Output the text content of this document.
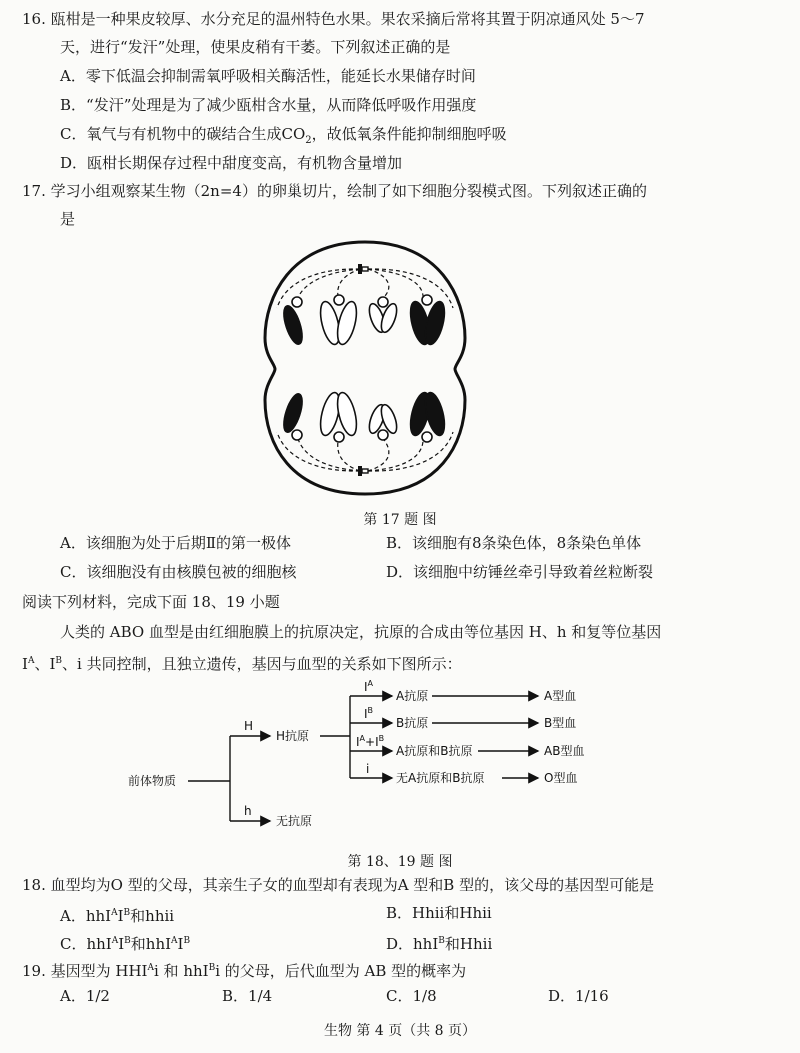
16. 瓯柑是一种果皮较厚、水分充足的温州特色水果。果农采摘后常将其置于阴凉通风处 5～7
天，进行“发汗”处理，使果皮稍有干萎。下列叙述正确的是
A．零下低温会抑制需氧呼吸相关酶活性，能延长水果储存时间
B．“发汗”处理是为了减少瓯柑含水量，从而降低呼吸作用强度
C．氧气与有机物中的碳结合生成$CO_2$，故低氧条件能抑制细胞呼吸
D．瓯柑长期保存过程中甜度变高，有机物含量增加
17. 学习小组观察某生物（2n=4）的卵巢切片，绘制了如下细胞分裂模式图。下列叙述正确的
是
第 17 题 图
A．该细胞为处于后期Ⅱ的第一极体	B．该细胞有8条染色体，8条染色单体
C．该细胞没有由核膜包被的细胞核	D．该细胞中纺锤丝牵引导致着丝粒断裂
阅读下列材料，完成下面 18、19 小题
人类的 ABO 血型是由红细胞膜上的抗原决定，抗原的合成由等位基因 H、h 和复等位基因
$I^A$、$I^B$、i 共同控制，且独立遗传，基因与血型的关系如下图所示：
前体物质
H
h
H抗原
无抗原
$I^A$
$I^B$
$I^A+I^B$
i
A抗原
B抗原
A抗原和B抗原
无A抗原和B抗原
A型血
B型血
AB型血
O型血
第 18、19 题 图
18. 血型均为O 型的父母，其亲生子女的血型却有表现为A 型和B 型的，该父母的基因型可能是
A．$hhI^AI^B$和hhii	B．Hhii和Hhii
C．$hhI^AI^B$和$hhI^AI^B$	D．hhI$^B$和Hhii
19. 基因型为 $HHI^Ai$ 和 hhI$^B$i 的父母，后代血型为 AB 型的概率为
A．1/2	B．1/4	C．1/8	D．1/16
生物 第 4 页（共 8 页）
